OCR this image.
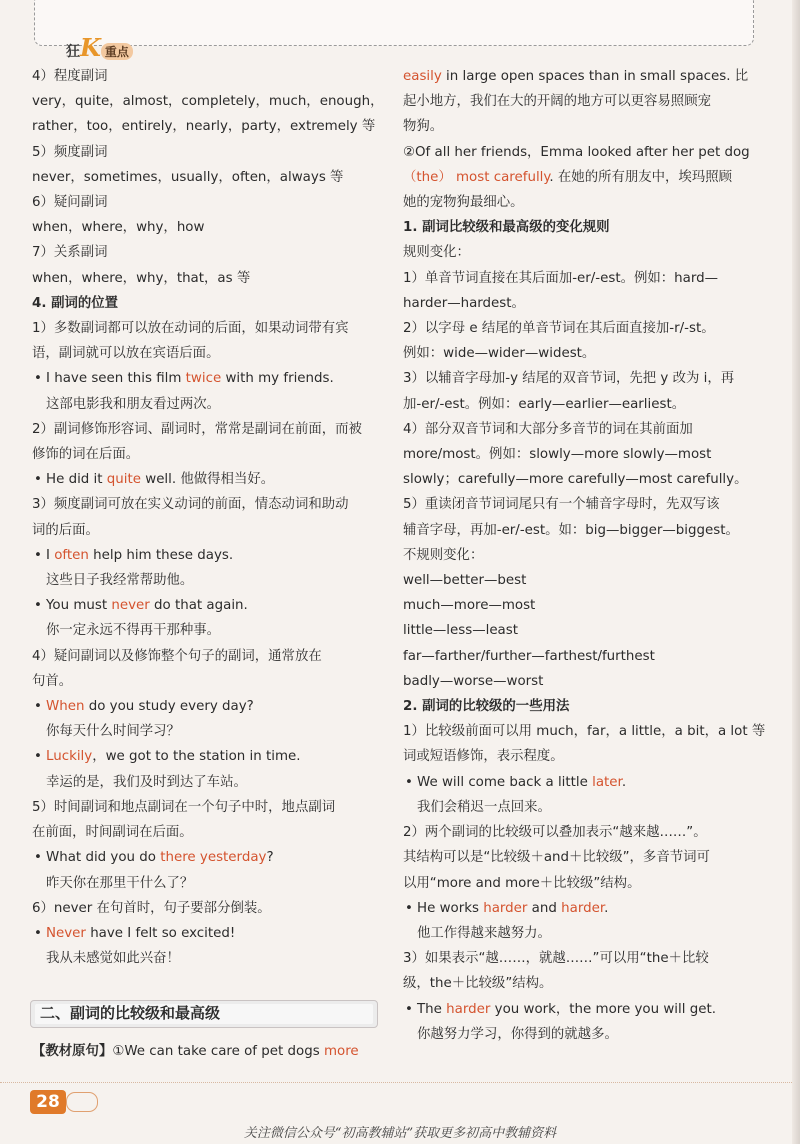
狂K 重点
4）程度副词
very，quite，almost，completely，much，enough，
rather，too，entirely，nearly，party，extremely 等
5）频度副词
never，sometimes，usually，often，always 等
6）疑问副词
when，where，why，how
7）关系副词
when，where，why，that，as 等
4. 副词的位置
1）多数副词都可以放在动词的后面，如果动词带有宾
语，副词就可以放在宾语后面。
• I have seen this film twice with my friends.
这部电影我和朋友看过两次。
2）副词修饰形容词、副词时，常常是副词在前面，而被
修饰的词在后面。
• He did it quite well. 他做得相当好。
3）频度副词可放在实义动词的前面，情态动词和助动
词的后面。
• I often help him these days.
这些日子我经常帮助他。
• You must never do that again.
你一定永远不得再干那种事。
4）疑问副词以及修饰整个句子的副词，通常放在
句首。
• When do you study every day?
你每天什么时间学习？
• Luckily，we got to the station in time.
幸运的是，我们及时到达了车站。
5）时间副词和地点副词在一个句子中时，地点副词
在前面，时间副词在后面。
• What did you do there yesterday?
昨天你在那里干什么了？
6）never 在句首时，句子要部分倒装。
• Never have I felt so excited!
我从未感觉如此兴奋！
easily in large open spaces than in small spaces. 比
起小地方，我们在大的开阔的地方可以更容易照顾宠
物狗。
②Of all her friends，Emma looked after her pet dog
（the） most carefully. 在她的所有朋友中，埃玛照顾
她的宠物狗最细心。
1. 副词比较级和最高级的变化规则
规则变化：
1）单音节词直接在其后面加-er/-est。例如：hard—
harder—hardest。
2）以字母 e 结尾的单音节词在其后面直接加-r/-st。
例如：wide—wider—widest。
3）以辅音字母加-y 结尾的双音节词，先把 y 改为 i，再
加-er/-est。例如：early—earlier—earliest。
4）部分双音节词和大部分多音节的词在其前面加
more/most。例如：slowly—more slowly—most
slowly；carefully—more carefully—most carefully。
5）重读闭音节词词尾只有一个辅音字母时，先双写该
辅音字母，再加-er/-est。如：big—bigger—biggest。
不规则变化：
well—better—best
much—more—most
little—less—least
far—farther/further—farthest/furthest
badly—worse—worst
2. 副词的比较级的一些用法
1）比较级前面可以用 much，far，a little，a bit，a lot 等
词或短语修饰，表示程度。
• We will come back a little later.
我们会稍迟一点回来。
2）两个副词的比较级可以叠加表示“越来越……”。
其结构可以是“比较级＋and＋比较级”，多音节词可
以用“more and more＋比较级”结构。
• He works harder and harder.
他工作得越来越努力。
3）如果表示“越……，就越……”可以用“the＋比较
级，the＋比较级”结构。
• The harder you work，the more you will get.
你越努力学习，你得到的就越多。
二、副词的比较级和最高级
【教材原句】①We can take care of pet dogs more
28
关注微信公众号“初高教辅站”获取更多初高中教辅资料
